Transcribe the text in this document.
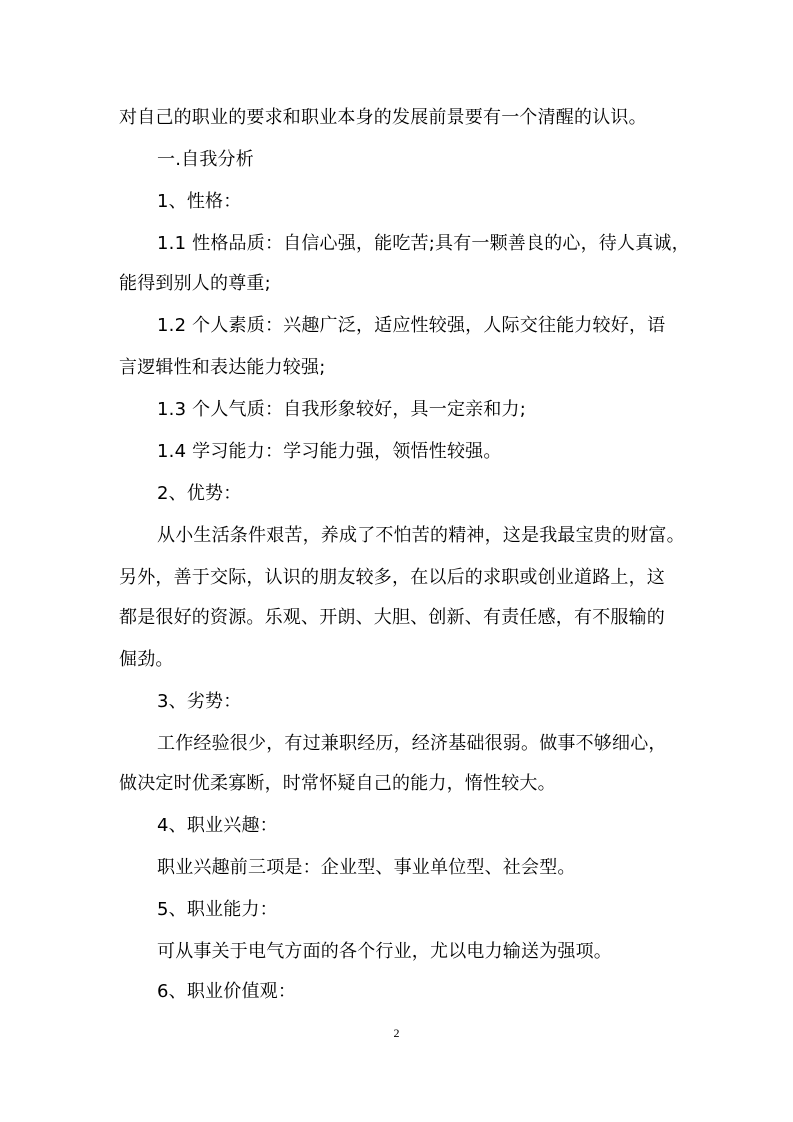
对自己的职业的要求和职业本身的发展前景要有一个清醒的认识。
一.自我分析
1、性格：
1.1 性格品质：自信心强，能吃苦;具有一颗善良的心，待人真诚，
能得到别人的尊重;
1.2 个人素质：兴趣广泛，适应性较强，人际交往能力较好，语
言逻辑性和表达能力较强;
1.3 个人气质：自我形象较好，具一定亲和力;
1.4 学习能力：学习能力强，领悟性较强。
2、优势：
从小生活条件艰苦，养成了不怕苦的精神，这是我最宝贵的财富。
另外，善于交际，认识的朋友较多，在以后的求职或创业道路上，这
都是很好的资源。乐观、开朗、大胆、创新、有责任感，有不服输的
倔劲。
3、劣势：
工作经验很少，有过兼职经历，经济基础很弱。做事不够细心，
做决定时优柔寡断，时常怀疑自己的能力，惰性较大。
4、职业兴趣：
职业兴趣前三项是：企业型、事业单位型、社会型。
5、职业能力：
可从事关于电气方面的各个行业，尤以电力输送为强项。
6、职业价值观：
2
